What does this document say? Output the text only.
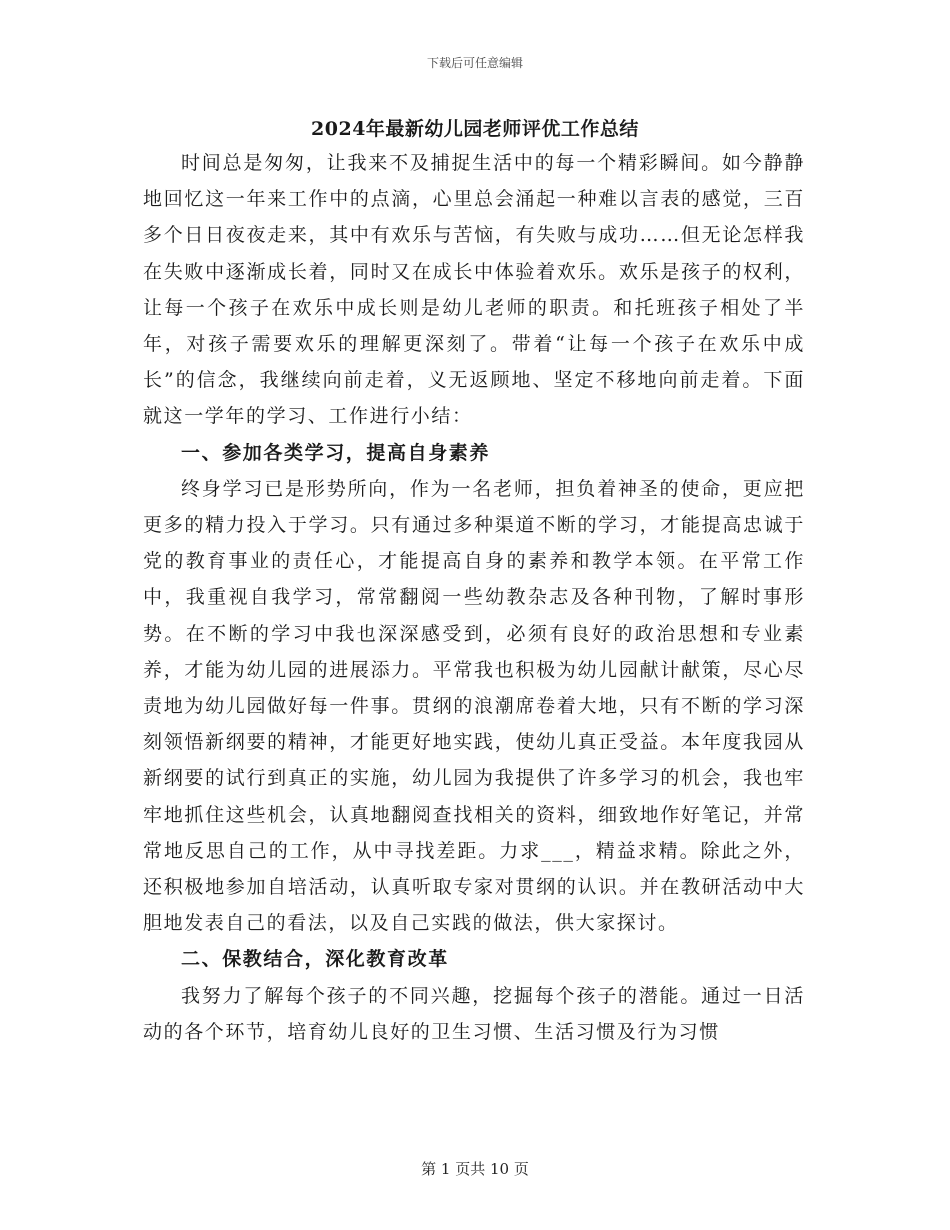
下载后可任意编辑
2024年最新幼儿园老师评优工作总结

时间总是匆匆，让我来不及捕捉生活中的每一个精彩瞬间。如今静静地回忆这一年来工作中的点滴，心里总会涌起一种难以言表的感觉，三百多个日日夜夜走来，其中有欢乐与苦恼，有失败与成功……但无论怎样我在失败中逐渐成长着，同时又在成长中体验着欢乐。欢乐是孩子的权利，让每一个孩子在欢乐中成长则是幼儿老师的职责。和托班孩子相处了半年，对孩子需要欢乐的理解更深刻了。带着“让每一个孩子在欢乐中成长”的信念，我继续向前走着，义无返顾地、坚定不移地向前走着。下面就这一学年的学习、工作进行小结：

一、参加各类学习，提高自身素养

终身学习已是形势所向，作为一名老师，担负着神圣的使命，更应把更多的精力投入于学习。只有通过多种渠道不断的学习，才能提高忠诚于党的教育事业的责任心，才能提高自身的素养和教学本领。在平常工作中，我重视自我学习，常常翻阅一些幼教杂志及各种刊物，了解时事形势。在不断的学习中我也深深感受到，必须有良好的政治思想和专业素养，才能为幼儿园的进展添力。平常我也积极为幼儿园献计献策，尽心尽责地为幼儿园做好每一件事。贯纲的浪潮席卷着大地，只有不断的学习深刻领悟新纲要的精神，才能更好地实践，使幼儿真正受益。本年度我园从新纲要的试行到真正的实施，幼儿园为我提供了许多学习的机会，我也牢牢地抓住这些机会，认真地翻阅查找相关的资料，细致地作好笔记，并常常地反思自己的工作，从中寻找差距。力求___，精益求精。除此之外，还积极地参加自培活动，认真听取专家对贯纲的认识。并在教研活动中大胆地发表自己的看法，以及自己实践的做法，供大家探讨。

二、保教结合，深化教育改革

我努力了解每个孩子的不同兴趣，挖掘每个孩子的潜能。通过一日活动的各个环节，培育幼儿良好的卫生习惯、生活习惯及行为习惯

第 1 页共 10 页
